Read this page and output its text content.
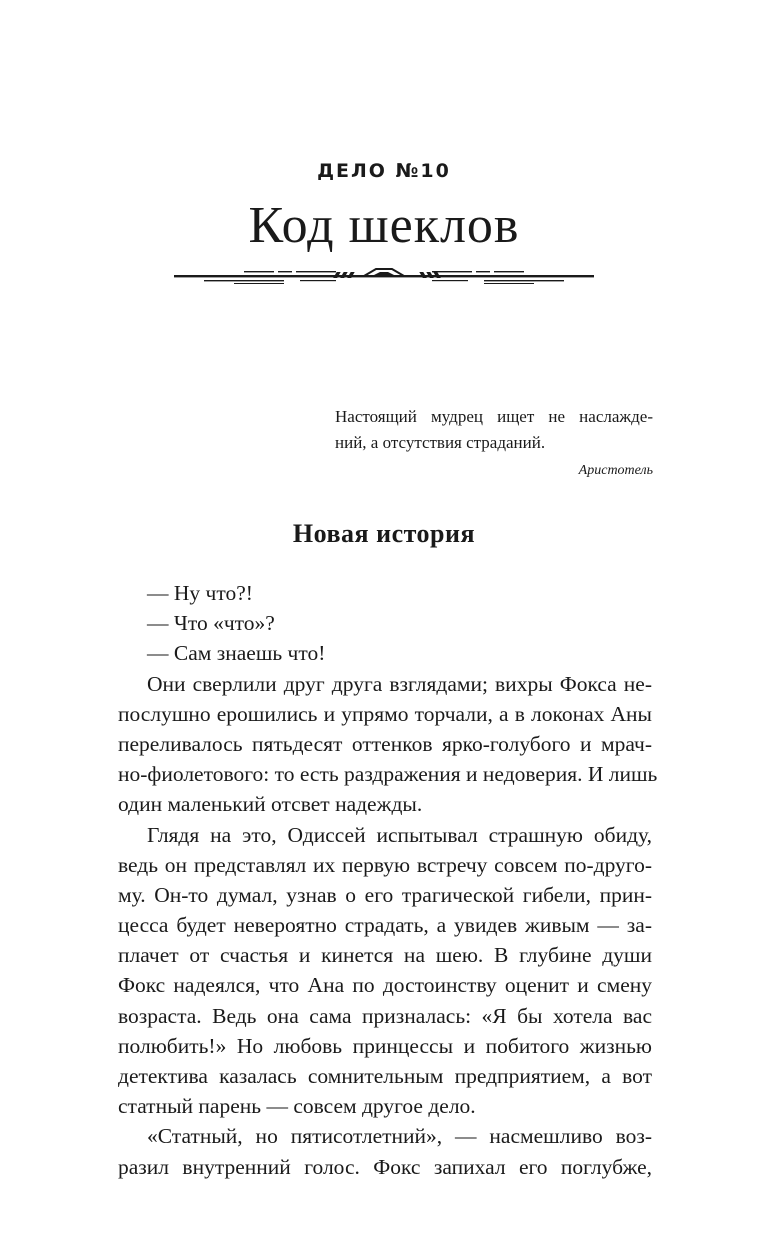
ДЕЛО №10
Код шеклов
Настоящий мудрец ищет не наслажде-
ний, а отсутствия страданий.
Аристотель
Новая история
— Ну что?!
— Что «что»?
— Сам знаешь что!
Они сверлили друг друга взглядами; вихры Фокса не-
послушно ерошились и упрямо торчали, а в локонах Аны
переливалось пятьдесят оттенков ярко-голубого и мрач-
но-фиолетового: то есть раздражения и недоверия. И лишь
один маленький отсвет надежды.
Глядя на это, Одиссей испытывал страшную обиду,
ведь он представлял их первую встречу совсем по-друго-
му. Он-то думал, узнав о его трагической гибели, прин-
цесса будет невероятно страдать, а увидев живым — за-
плачет от счастья и кинется на шею. В глубине души
Фокс надеялся, что Ана по достоинству оценит и смену
возраста. Ведь она сама призналась: «Я бы хотела вас
полюбить!» Но любовь принцессы и побитого жизнью
детектива казалась сомнительным предприятием, а вот
статный парень — совсем другое дело.
«Статный, но пятисотлетний», — насмешливо воз-
разил внутренний голос. Фокс запихал его поглубже,
